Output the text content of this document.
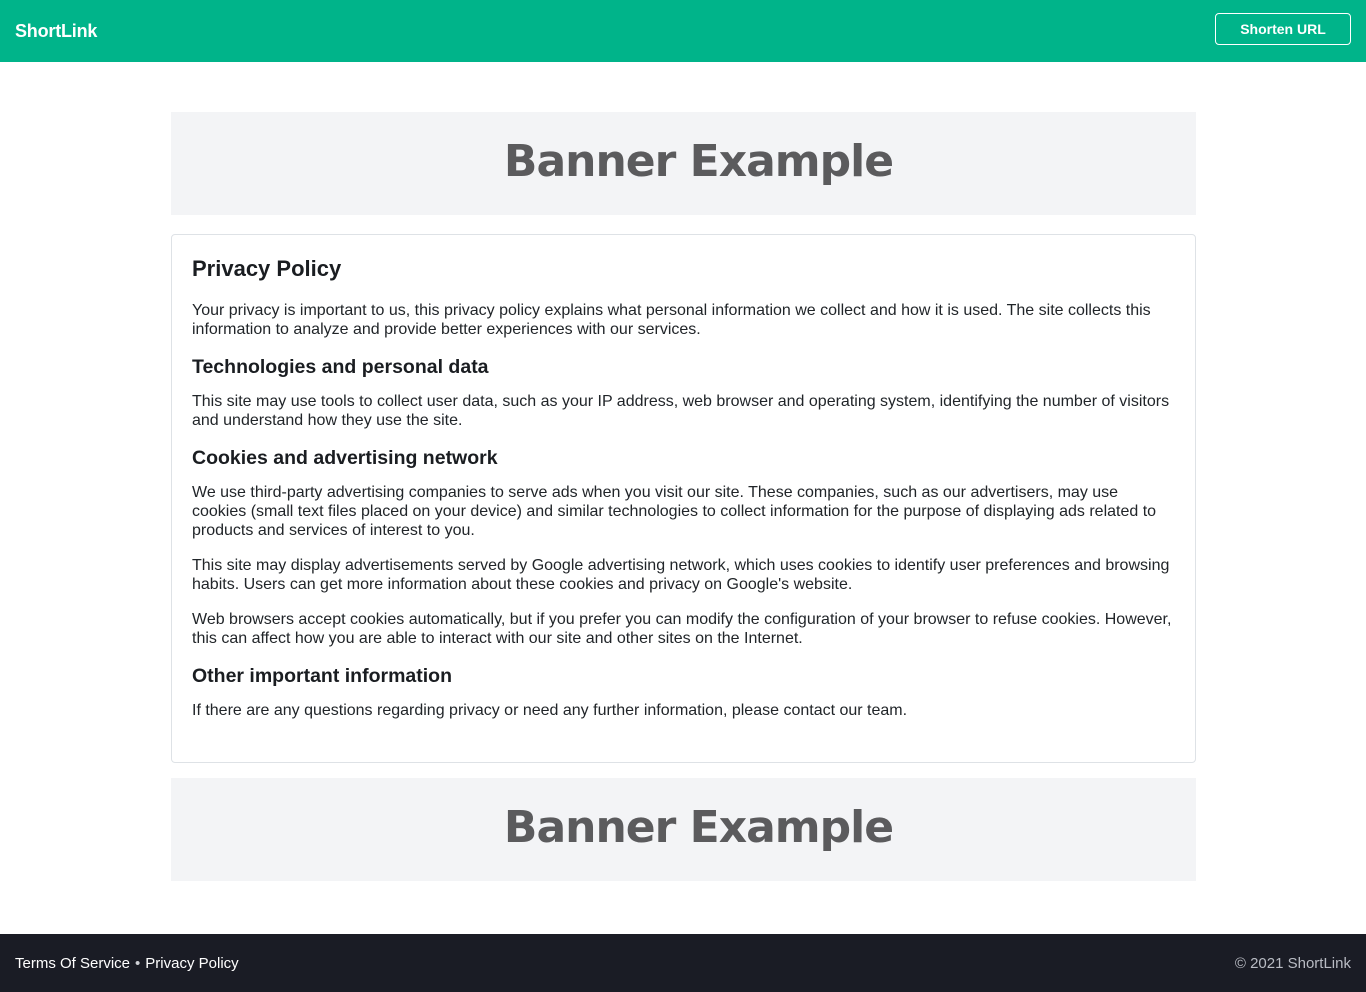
ShortLink	Shorten URL
Banner Example
Privacy Policy

Your privacy is important to us, this privacy policy explains what personal information we collect and how it is used. The site collects this information to analyze and provide better experiences with our services.

Technologies and personal data

This site may use tools to collect user data, such as your IP address, web browser and operating system, identifying the number of visitors and understand how they use the site.

Cookies and advertising network

We use third-party advertising companies to serve ads when you visit our site. These companies, such as our advertisers, may use cookies (small text files placed on your device) and similar technologies to collect information for the purpose of displaying ads related to products and services of interest to you.

This site may display advertisements served by Google advertising network, which uses cookies to identify user preferences and browsing habits. Users can get more information about these cookies and privacy on Google's website.

Web browsers accept cookies automatically, but if you prefer you can modify the configuration of your browser to refuse cookies. However, this can affect how you are able to interact with our site and other sites on the Internet.

Other important information

If there are any questions regarding privacy or need any further information, please contact our team.

Banner Example
Terms Of Service • Privacy Policy	© 2021 ShortLink
